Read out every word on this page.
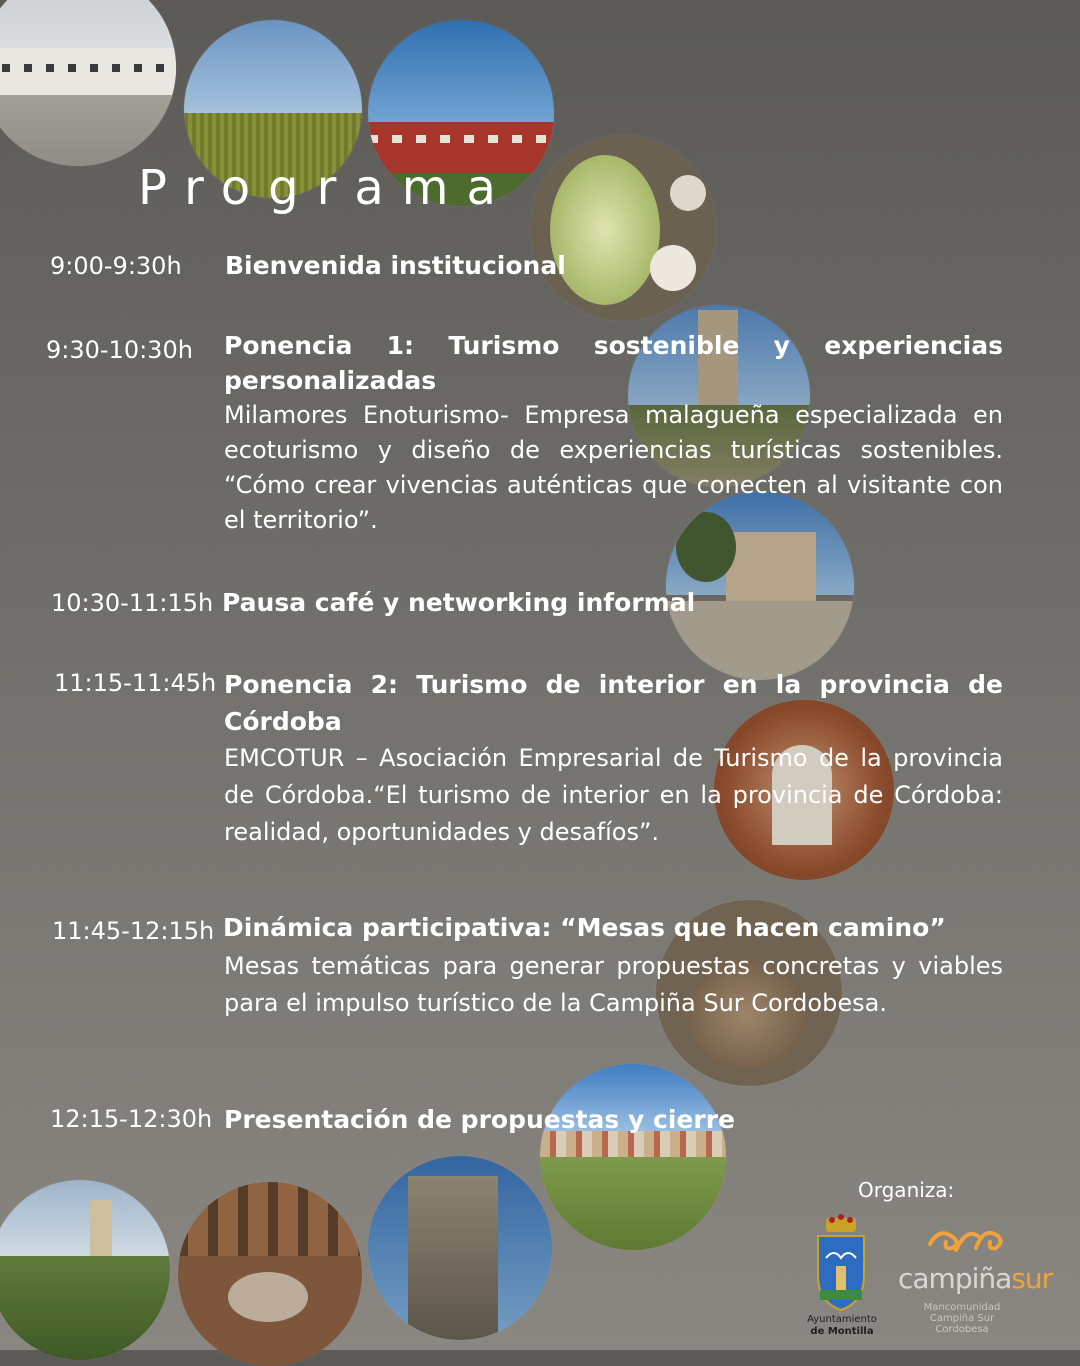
Programa
9:00-9:30h Bienvenida institucional
9:30-10:30h Ponencia 1: Turismo sostenible y experiencias personalizadas
Milamores Enoturismo- Empresa malagueña especializada en ecoturismo y diseño de experiencias turísticas sostenibles. “Cómo crear vivencias auténticas que conecten al visitante con el territorio”.
10:30-11:15h Pausa café y networking informal
11:15-11:45h Ponencia 2: Turismo de interior en la provincia de Córdoba
EMCOTUR – Asociación Empresarial de Turismo de la provincia de Córdoba.“El turismo de interior en la provincia de Córdoba: realidad, oportunidades y desafíos”.
11:45-12:15h Dinámica participativa: “Mesas que hacen camino”
Mesas temáticas para generar propuestas concretas y viables para el impulso turístico de la Campiña Sur Cordobesa.
12:15-12:30h Presentación de propuestas y cierre
Organiza:
Ayuntamiento
de Montilla
campiñasur
Mancomunidad
Campiña Sur
Cordobesa
